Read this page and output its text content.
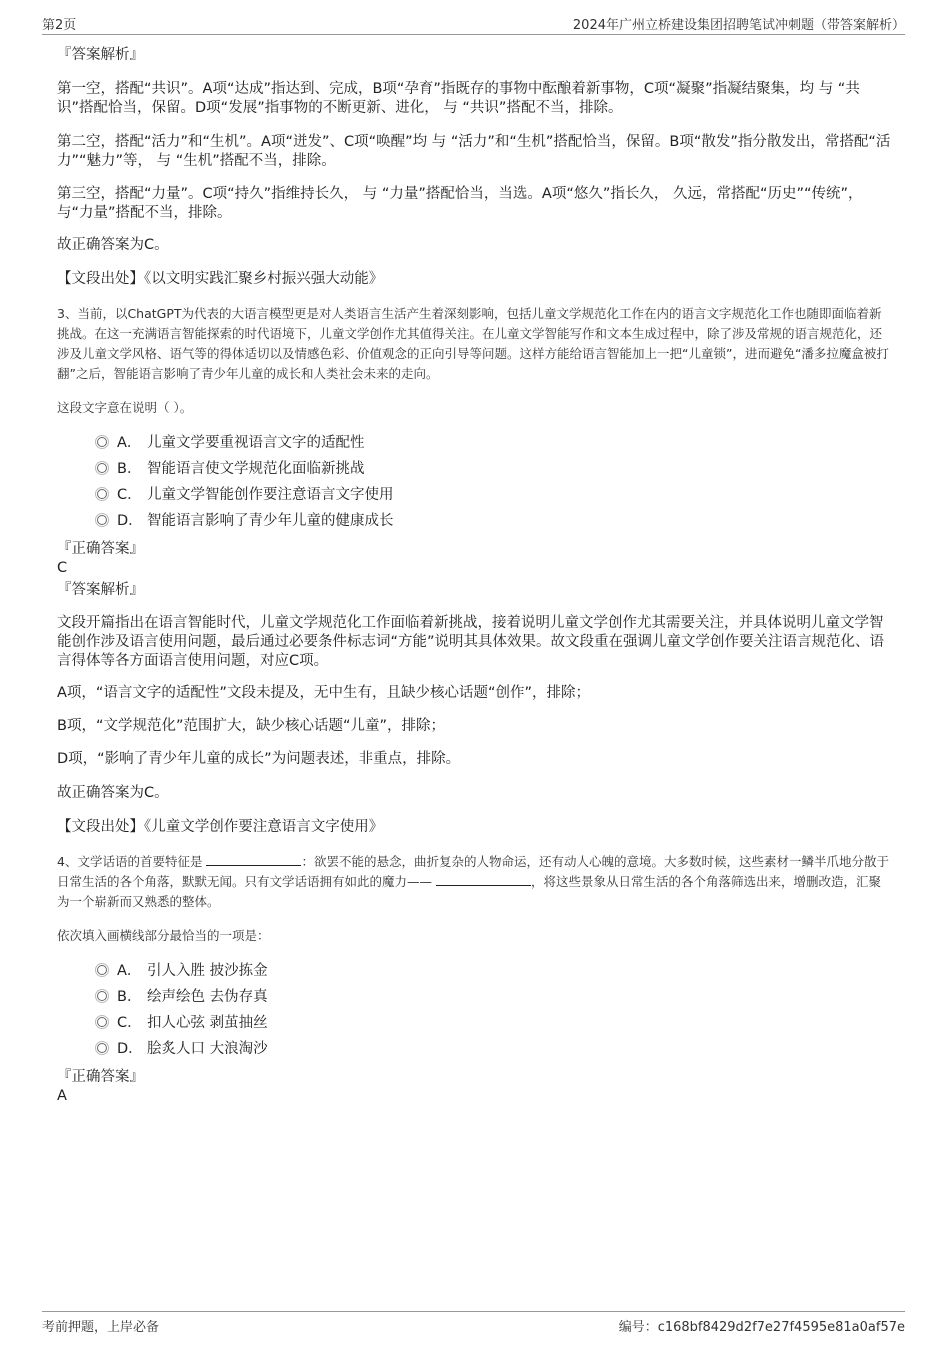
第2页	2024年广州立桥建设集团招聘笔试冲刺题（带答案解析）
『答案解析』
第一空，搭配“共识”。A项“达成”指达到、完成，B项“孕育”指既存的事物中酝酿着新事物，C项“凝聚”指凝结聚集，均 与 “共识”搭配恰当，保留。D项“发展”指事物的不断更新、进化， 与 “共识”搭配不当，排除。
第二空，搭配“活力”和“生机”。A项“迸发”、C项“唤醒”均 与 “活力”和“生机”搭配恰当，保留。B项“散发”指分散发出，常搭配“活力”“魅力”等， 与 “生机”搭配不当，排除。
第三空，搭配“力量”。C项“持久”指维持长久， 与 “力量”搭配恰当，当选。A项“悠久”指长久， 久远，常搭配“历史”“传统”，与“力量”搭配不当，排除。
故正确答案为C。
【文段出处】《以文明实践汇聚乡村振兴强大动能》
3、当前，以ChatGPT为代表的大语言模型更是对人类语言生活产生着深刻影响，包括儿童文学规范化工作在内的语言文字规范化工作也随即面临着新挑战。在这一充满语言智能探索的时代语境下，儿童文学创作尤其值得关注。在儿童文学智能写作和文本生成过程中，除了涉及常规的语言规范化，还涉及儿童文学风格、语气等的得体适切以及情感色彩、价值观念的正向引导等问题。这样方能给语言智能加上一把“儿童锁”，进而避免“潘多拉魔盒被打翻”之后，智能语言影响了青少年儿童的成长和人类社会未来的走向。
这段文字意在说明（ ）。
A． 儿童文学要重视语言文字的适配性
B． 智能语言使文学规范化面临新挑战
C． 儿童文学智能创作要注意语言文字使用
D． 智能语言影响了青少年儿童的健康成长
『正确答案』
C
『答案解析』
文段开篇指出在语言智能时代，儿童文学规范化工作面临着新挑战，接着说明儿童文学创作尤其需要关注，并具体说明儿童文学智能创作涉及语言使用问题，最后通过必要条件标志词“方能”说明其具体效果。故文段重在强调儿童文学创作要关注语言规范化、语言得体等各方面语言使用问题，对应C项。
A项，“语言文字的适配性”文段未提及，无中生有，且缺少核心话题“创作”，排除；
B项，“文学规范化”范围扩大，缺少核心话题“儿童”，排除；
D项，“影响了青少年儿童的成长”为问题表述，非重点，排除。
故正确答案为C。
【文段出处】《儿童文学创作要注意语言文字使用》
4、文学话语的首要特征是	：欲罢不能的悬念，曲折复杂的人物命运，还有动人心魄的意境。大多数时候，这些素材一鳞半爪地分散于日常生活的各个角落，默默无闻。只有文学话语拥有如此的魔力——	，将这些景象从日常生活的各个角落筛选出来，增删改造，汇聚为一个崭新而又熟悉的整体。
依次填入画横线部分最恰当的一项是：
A． 引人入胜 披沙拣金
B． 绘声绘色 去伪存真
C． 扣人心弦 剥茧抽丝
D． 脍炙人口 大浪淘沙
『正确答案』
A
考前押题，上岸必备	编号：c168bf8429d2f7e27f4595e81a0af57e
